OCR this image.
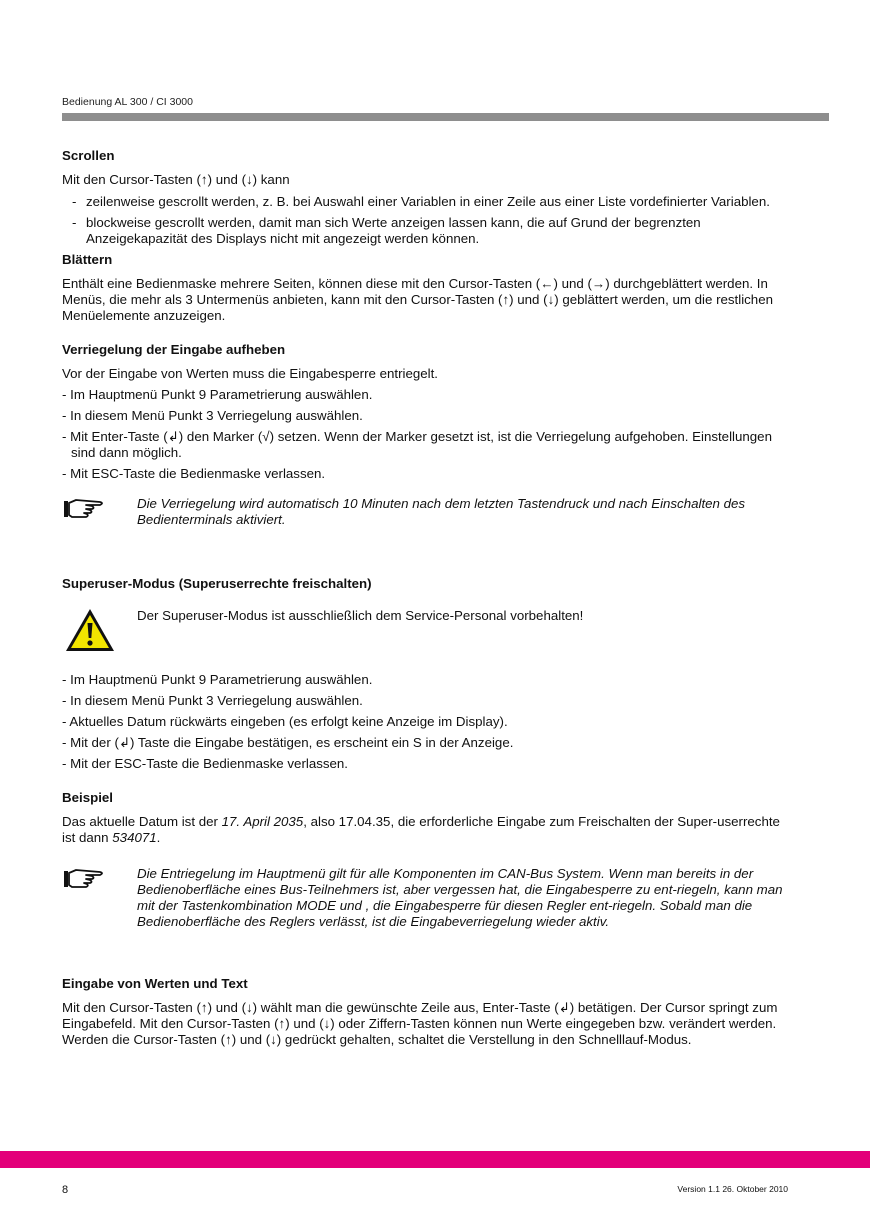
Bedienung AL 300 / CI 3000
Scrollen
Mit den Cursor-Tasten (↑) und (↓) kann
- zeilenweise gescrollt werden, z. B. bei Auswahl einer Variablen in einer Zeile aus einer Liste vordefinierter Variablen.
- blockweise gescrollt werden, damit man sich Werte anzeigen lassen kann, die auf Grund der begrenzten Anzeigekapazität des Displays nicht mit angezeigt werden können.
Blättern
Enthält eine Bedienmaske mehrere Seiten, können diese mit den Cursor-Tasten (←) und (→) durchgeblättert werden. In Menüs, die mehr als 3 Untermenüs anbieten, kann mit den Cursor-Tasten (↑) und (↓) geblättert werden, um die restlichen Menüelemente anzuzeigen.
Verriegelung der Eingabe aufheben
Vor der Eingabe von Werten muss die Eingabesperre entriegelt.
- Im Hauptmenü Punkt 9 Parametrierung auswählen.
- In diesem Menü Punkt 3 Verriegelung auswählen.
- Mit Enter-Taste (↲) den Marker (√) setzen. Wenn der Marker gesetzt ist, ist die Verriegelung aufgehoben. Einstellungen sind dann möglich.
- Mit ESC-Taste die Bedienmaske verlassen.
Die Verriegelung wird automatisch 10 Minuten nach dem letzten Tastendruck und nach Einschalten des Bedienterminals aktiviert.
Superuser-Modus (Superuserrechte freischalten)
Der Superuser-Modus ist ausschließlich dem Service-Personal vorbehalten!
- Im Hauptmenü Punkt 9 Parametrierung auswählen.
- In diesem Menü Punkt 3 Verriegelung auswählen.
- Aktuelles Datum rückwärts eingeben (es erfolgt keine Anzeige im Display).
- Mit der (↲) Taste die Eingabe bestätigen, es erscheint ein S in der Anzeige.
- Mit der ESC-Taste die Bedienmaske verlassen.
Beispiel
Das aktuelle Datum ist der 17. April 2035, also 17.04.35, die erforderliche Eingabe zum Freischalten der Super-userrechte ist dann 534071.
Die Entriegelung im Hauptmenü gilt für alle Komponenten im CAN-Bus System. Wenn man bereits in der Bedienoberfläche eines Bus-Teilnehmers ist, aber vergessen hat, die Eingabesperre zu ent-riegeln, kann man mit der Tastenkombination MODE und , die Eingabesperre für diesen Regler ent-riegeln. Sobald man die Bedienoberfläche des Reglers verlässt, ist die Eingabeverriegelung wieder aktiv.
Eingabe von Werten und Text
Mit den Cursor-Tasten (↑) und (↓) wählt man die gewünschte Zeile aus, Enter-Taste (↲) betätigen. Der Cursor springt zum Eingabefeld. Mit den Cursor-Tasten (↑) und (↓) oder Ziffern-Tasten können nun Werte eingegeben bzw. verändert werden. Werden die Cursor-Tasten (↑) und (↓) gedrückt gehalten, schaltet die Verstellung in den Schnelllauf-Modus.
8	Version 1.1 26. Oktober 2010
